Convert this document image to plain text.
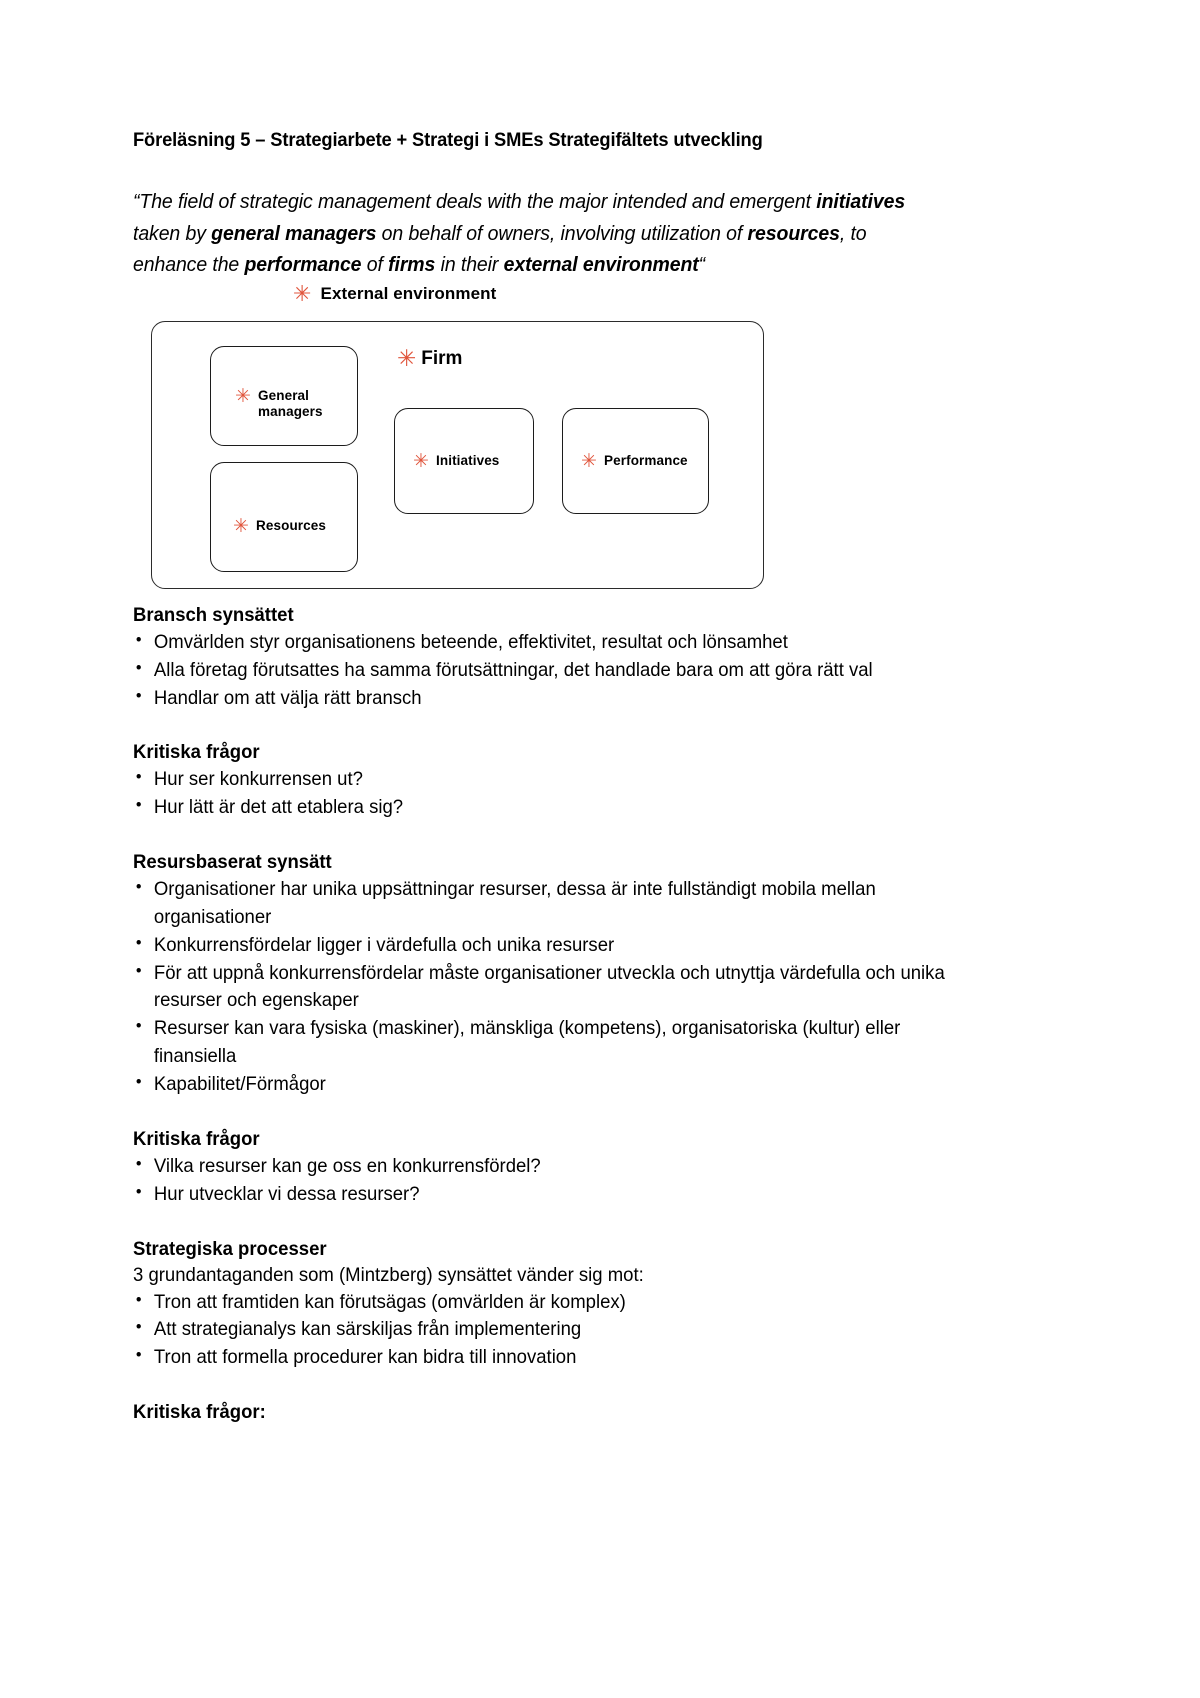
Föreläsning 5 – Strategiarbete + Strategi i SMEs Strategifältets utveckling

“The field of strategic management deals with the major intended and emergent initiatives taken by general managers on behalf of owners, involving utilization of resources, to enhance the performance of firms in their external environment“

✳ External environment
✳ Firm
✳ General
managers
✳ Resources
✳ Initiatives	✳ Performance
Bransch synsättet
• Omvärlden styr organisationens beteende, effektivitet, resultat och lönsamhet
• Alla företag förutsattes ha samma förutsättningar, det handlade bara om att göra rätt val
• Handlar om att välja rätt bransch
Kritiska frågor
• Hur ser konkurrensen ut?
• Hur lätt är det att etablera sig?
Resursbaserat synsätt
• Organisationer har unika uppsättningar resurser, dessa är inte fullständigt mobila mellan organisationer
• Konkurrensfördelar ligger i värdefulla och unika resurser
• För att uppnå konkurrensfördelar måste organisationer utveckla och utnyttja värdefulla och unika resurser och egenskaper
• Resurser kan vara fysiska (maskiner), mänskliga (kompetens), organisatoriska (kultur) eller finansiella
• Kapabilitet/Förmågor
Kritiska frågor
• Vilka resurser kan ge oss en konkurrensfördel?
• Hur utvecklar vi dessa resurser?
Strategiska processer
3 grundantaganden som (Mintzberg) synsättet vänder sig mot:
• Tron att framtiden kan förutsägas (omvärlden är komplex)
• Att strategianalys kan särskiljas från implementering
• Tron att formella procedurer kan bidra till innovation
Kritiska frågor:
